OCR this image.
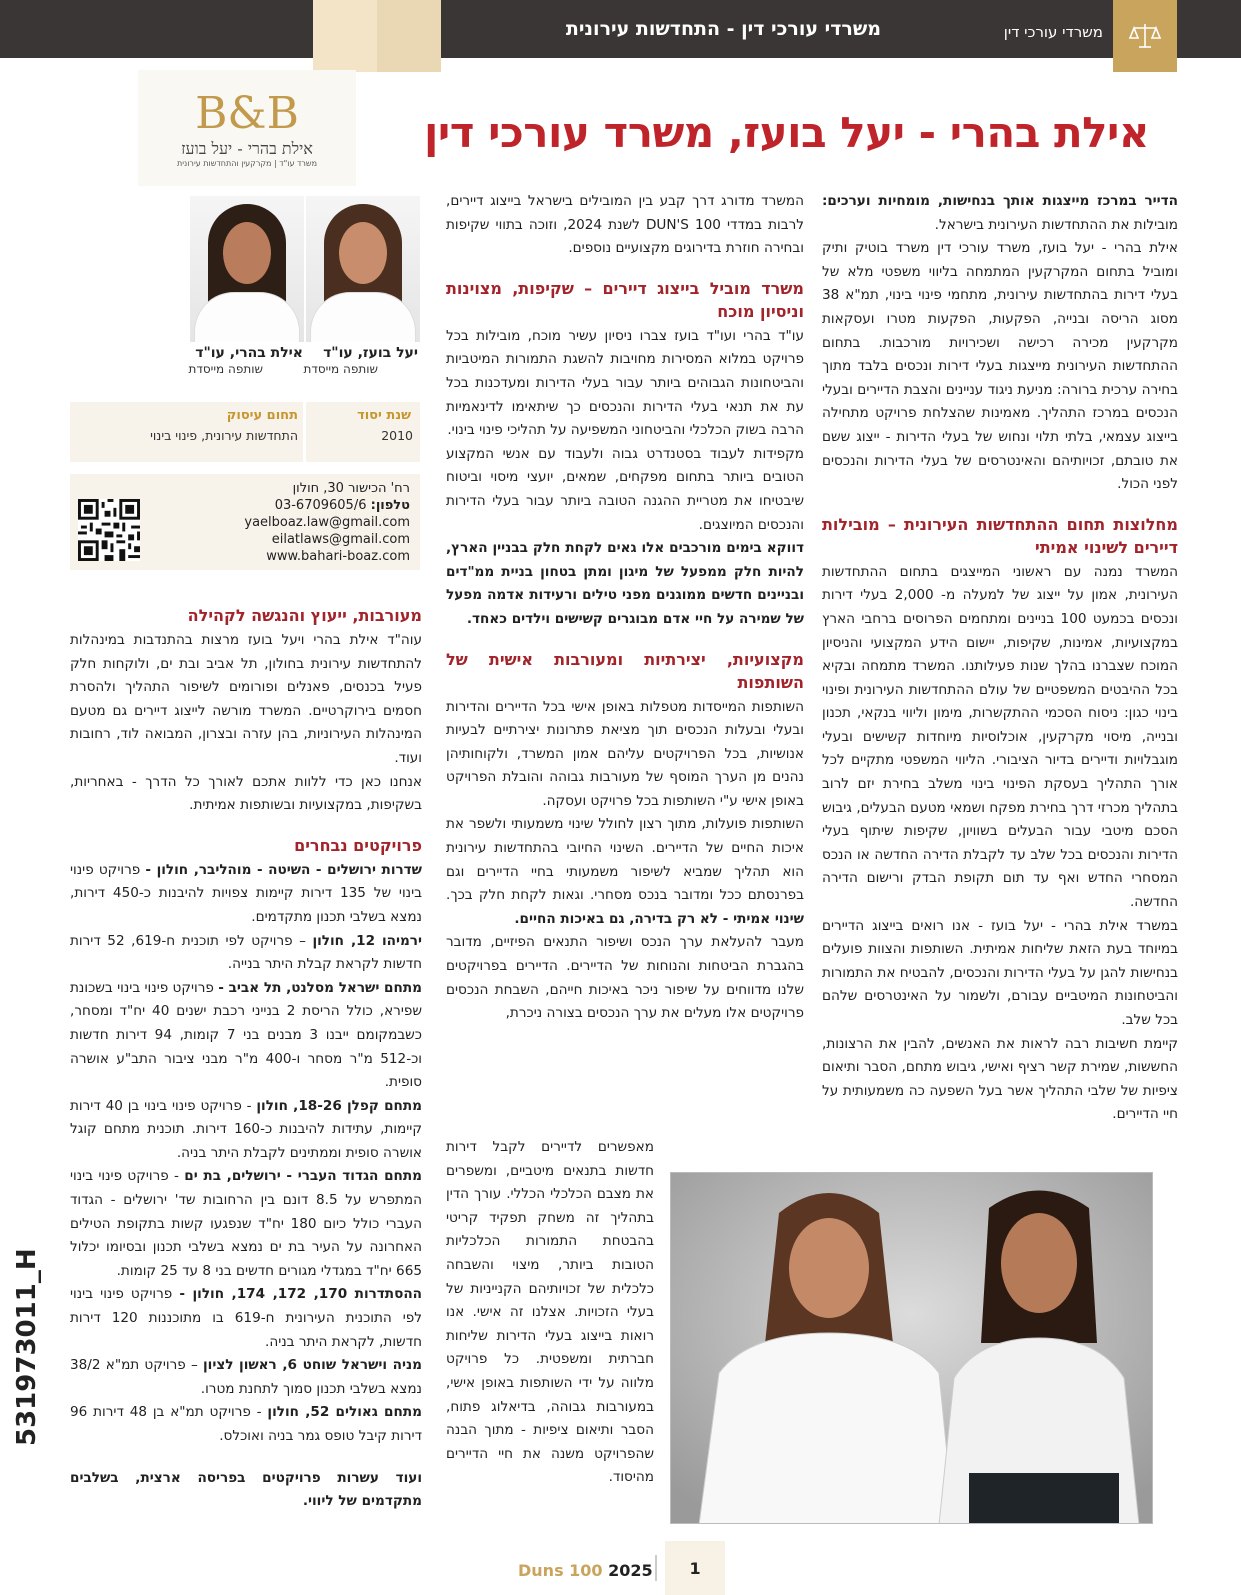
משרדי עורכי דין - התחדשות עירונית	משרדי עורכי דין
אילת בהרי - יעל בועז, משרד עורכי דין
B&B
אילת בהרי - יעל בועז
משרד עו"ד | מקרקעין והתחדשות עירונית
יעל בועז, עו"ד
שותפה מייסדת
אילת בהרי, עו"ד
שותפה מייסדת
שנת יסוד
2010
תחום עיסוק
התחדשות עירונית, פינוי בינוי
רח' הכישור 30, חולון
טלפון: 03-6709605/6
yaelboaz.law@gmail.com
eilatlaws@gmail.com
www.bahari-boaz.com

הדייר במרכז מייצגות אותך בנחישות, מומחיות וערכים: מובילות את ההתחדשות העירונית בישראל.

אילת בהרי - יעל בועז, משרד עורכי דין משרד בוטיק ותיק ומוביל בתחום המקרקעין המתמחה בליווי משפטי מלא של בעלי דירות בהתחדשות עירונית, מתחמי פינוי בינוי, תמ"א 38 מסוג הריסה ובנייה, הפקעות, הפקעות מטרו ועסקאות מקרקעין מכירה רכישה ושכירויות מורכבות. בתחום ההתחדשות העירונית מייצגות בעלי דירות ונכסים בלבד מתוך בחירה ערכית ברורה: מניעת ניגוד עניינים והצבת הדיירים ובעלי הנכסים במרכז התהליך. מאמינות שהצלחת פרויקט מתחילה בייצוג עצמאי, בלתי תלוי ונחוש של בעלי הדירות - ייצוג ששם את טובתם, זכויותיהם והאינטרסים של בעלי הדירות והנכסים לפני הכול.

מחלוצות תחום ההתחדשות העירונית – מובילות דיירים לשינוי אמיתי

המשרד נמנה עם ראשוני המייצגים בתחום ההתחדשות העירונית, אמון על ייצוג של למעלה מ- 2,000 בעלי דירות ונכסים בכמעט 100 בניינים ומתחמים הפרוסים ברחבי הארץ במקצועיות, אמינות, שקיפות, יישום הידע המקצועי והניסיון המוכח שצברנו בהלך שנות פעילותנו. המשרד מתמחה ובקיא בכל ההיבטים המשפטיים של עולם ההתחדשות העירונית ופינוי בינוי כגון: ניסוח הסכמי ההתקשרות, מימון וליווי בנקאי, תכנון ובנייה, מיסוי מקרקעין, אוכלוסיות מיוחדות קשישים ובעלי מוגבלויות ודיירים בדיור הציבורי. הליווי המשפטי מתקיים לכל אורך התהליך בעסקת הפינוי בינוי משלב בחירת יזם לרוב בתהליך מכרזי דרך בחירת מפקח ושמאי מטעם הבעלים, גיבוש הסכם מיטבי עבור הבעלים בשוויון, שקיפות שיתוף בעלי הדירות והנכסים בכל שלב עד לקבלת הדירה החדשה או הנכס המסחרי החדש ואף עד תום תקופת הבדק ורישום הדירה החדשה.

במשרד אילת בהרי - יעל בועז - אנו רואים בייצוג הדיירים במיוחד בעת הזאת שליחות אמיתית. השותפות והצוות פועלים בנחישות להגן על בעלי הדירות והנכסים, להבטיח את התמורות והביטחונות המיטביים עבורם, ולשמור על האינטרסים שלהם בכל שלב.

קיימת חשיבות רבה לראות את האנשים, להבין את הרצונות, החששות, שמירת קשר רציף ואישי, גיבוש מתחם, הסבר ותיאום ציפיות של שלבי התהליך אשר בעל השפעה כה משמעותית על חיי הדיירים.

המשרד מדורג דרך קבע בין המובילים בישראל בייצוג דיירים, לרבות במדדי DUN'S 100 לשנת 2024, וזוכה בתווי שקיפות ובחירה חוזרת בדירוגים מקצועיים נוספים.

משרד מוביל בייצוג דיירים – שקיפות, מצוינות וניסיון מוכח

עו"ד בהרי ועו"ד בועז צברו ניסיון עשיר מוכח, מובילות בכל פרויקט במלוא המסירות מחויבות להשגת התמורות המיטביות והביטחונות הגבוהים ביותר עבור בעלי הדירות ומעדכנות בכל עת את תנאי בעלי הדירות והנכסים כך שיתאימו לדינאמיות הרבה בשוק הכלכלי והביטחוני המשפיעה על תהליכי פינוי בינוי.

מקפידות לעבוד בסטנדרט גבוה ולעבוד עם אנשי המקצוע הטובים ביותר בתחום מפקחים, שמאים, יועצי מיסוי וביטוח שיבטיחו את מטריית ההגנה הטובה ביותר עבור בעלי הדירות והנכסים המיוצגים.

דווקא בימים מורכבים אלו גאים לקחת חלק בבניין הארץ, להיות חלק ממפעל של מיגון ומתן בטחון בניית ממ"דים ובניינים חדשים ממוגנים מפני טילים ורעידות אדמה מפעל של שמירה על חיי אדם מבוגרים קשישים וילדים כאחד.

מקצועיות, יצירתיות ומעורבות אישית של השותפות

השותפות המייסדות מטפלות באופן אישי בכל הדיירים והדירות ובעלי ובעלות הנכסים תוך מציאת פתרונות יצירתיים לבעיות אנושיות, בכל הפרויקטים עליהם אמון המשרד, ולקוחותיהן נהנים מן הערך המוסף של מעורבות גבוהה והובלת הפרויקט באופן אישי ע"י השותפות בכל פרויקט ועסקה.

השותפות פועלות, מתוך רצון לחולל שינוי משמעותי ולשפר את איכות החיים של הדיירים. השינוי החיובי בהתחדשות עירונית הוא תהליך שמביא לשיפור משמעותי בחיי הדיירים וגם בפרנסתם ככל ומדובר בנכס מסחרי. וגאות לקחת חלק בכך. שינוי אמיתי - לא רק בדירה, גם באיכות החיים.

מעבר להעלאת ערך הנכס ושיפור התנאים הפיזיים, מדובר בהגברת הביטחות והנוחות של הדיירים. הדיירים בפרויקטים שלנו מדווחים על שיפור ניכר באיכות חייהם, השבחת הנכסים פרויקטים אלו מעלים את ערך הנכסים בצורה ניכרת,

מאפשרים לדיירים לקבל דירות חדשות בתנאים מיטביים, ומשפרים את מצבם הכלכלי הכללי. עורך הדין בתהליך זה משחק תפקיד קריטי בהבטחת התמורות הכלכליות הטובות ביותר, מיצוי והשבחה כלכלית של זכויותיהם הקנייניות של בעלי הזכויות. אצלנו זה אישי. אנו רואות בייצוג בעלי הדירות שליחות חברתית ומשפטית. כל פרויקט מלווה על ידי השותפות באופן אישי, במעורבות גבוהה, בדיאלוג פתוח, הסבר ותיאום ציפיות - מתוך הבנה שהפרויקט משנה את חיי הדיירים מהיסוד.

מעורבות, ייעוץ והנגשה לקהילה

עוה"ד אילת בהרי ויעל בועז מרצות בהתנדבות במינהלות להתחדשות עירונית בחולון, תל אביב ובת ים, ולוקחות חלק פעיל בכנסים, פאנלים ופורומים לשיפור התהליך ולהסרת חסמים בירוקרטיים. המשרד מורשה לייצוג דיירים גם מטעם המינהלות העירוניות, בהן עזרה ובצרון, המבואה לוד, רחובות ועוד.

אנחנו כאן כדי ללוות אתכם לאורך כל הדרך - באחריות, בשקיפות, במקצועיות ובשותפות אמיתית.

פרויקטים נבחרים

שדרות ירושלים - השיטה - מוהליבר, חולון - פרויקט פינוי בינוי של 135 דירות קיימות צפויות להיבנות כ-450 דירות, נמצא בשלבי תכנון מתקדמים.

ירמיהו 12, חולון – פרויקט לפי תוכנית ח-619, 52 דירות חדשות לקראת קבלת היתר בנייה.

מתחם ישראל מסלנט, תל אביב - פרויקט פינוי בינוי בשכונת שפירא, כולל הריסת 2 בנייני רכבת ישנים 40 יח"ד ומסחר, כשבמקומם ייבנו 3 מבנים בני 7 קומות, 94 דירות חדשות וכ-512 מ"ר מסחר ו-400 מ"ר מבני ציבור התב"ע אושרה סופית.

מתחם קפלן 18-26, חולון - פרויקט פינוי בינוי בן 40 דירות קיימות, עתידות להיבנות כ-160 דירות. תוכנית מתחם קוגל אושרה סופית וממתינים לקבלת היתר בניה.

מתחם הגדוד העברי - ירושלים, בת ים - פרויקט פינוי בינוי המתפרש על 8.5 דונם בין הרחובות שד' ירושלים - הגדוד העברי כולל כיום 180 יח"ד שנפגעו קשות בתקופת הטילים האחרונה על העיר בת ים נמצא בשלבי תכנון ובסיומו יכלול 665 יח"ד במגדלי מגורים חדשים בני 8 עד 25 קומות.

ההסתדרות 170, 172, 174, חולון - פרויקט פינוי בינוי לפי התוכנית העירונית ח-619 בו מתוכננות 120 דירות חדשות, לקראת היתר בניה.

מניה וישראל שוחט 6, ראשון לציון – פרויקט תמ"א 38/2 נמצא בשלבי תכנון סמוך לתחנת מטרו.

מתחם גאולים 52, חולון - פרויקט תמ"א בן 48 דירות 96 דירות קיבל טופס גמר בניה ואוכלס.

ועוד עשרות פרויקטים בפריסה ארצית, בשלבים מתקדמים של ליווי.

531973011_H
Duns 100 2025	1
